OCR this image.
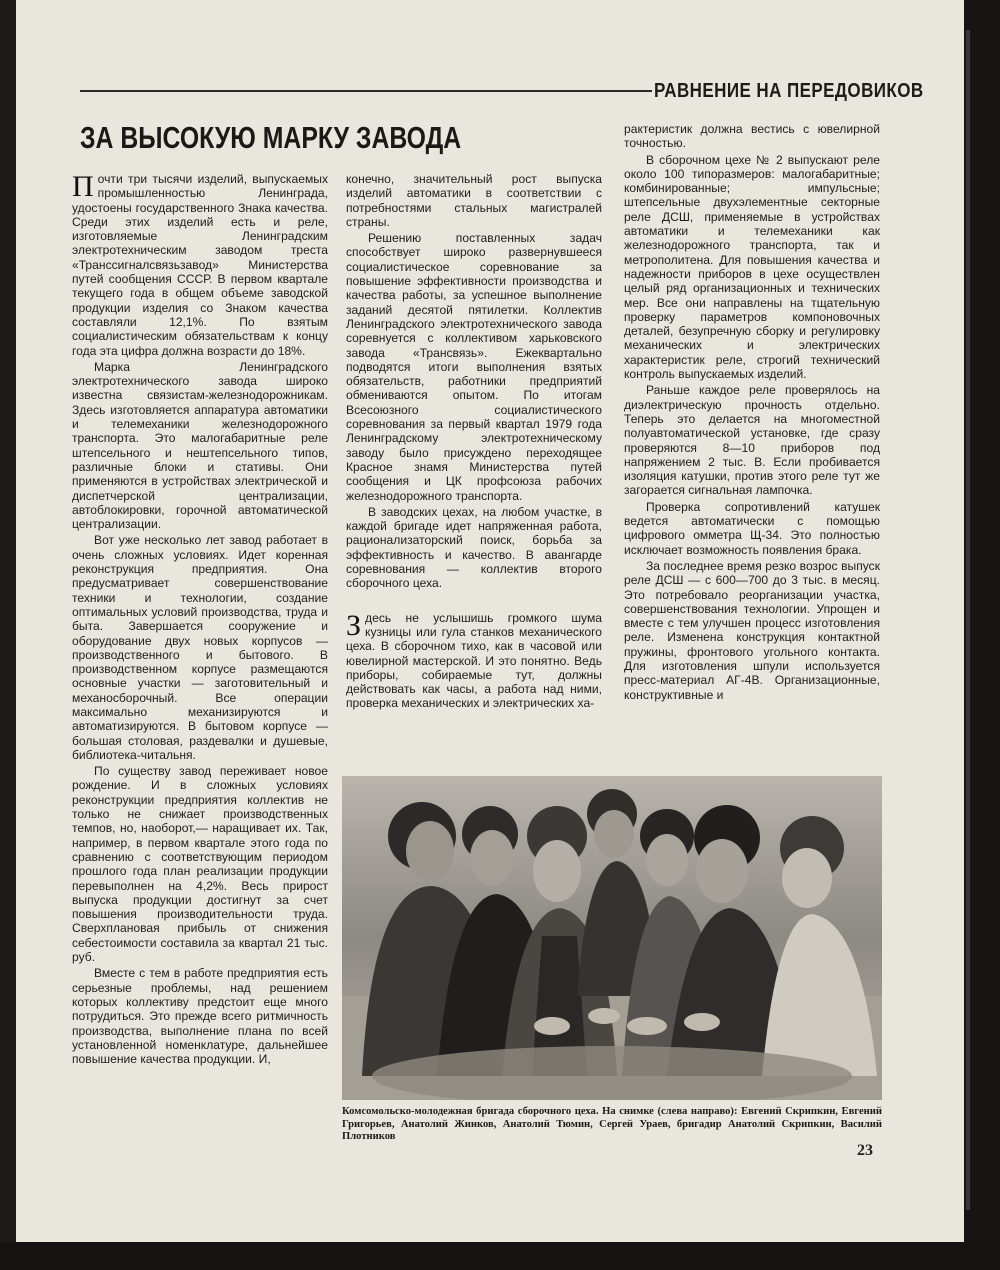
РАВНЕНИЕ НА ПЕРЕДОВИКОВ
ЗА ВЫСОКУЮ МАРКУ ЗАВОДА

Почти три тысячи изделий, выпускаемых промышленностью Ленинграда, удостоены государственного Знака качества. Среди этих изделий есть и реле, изготовляемые Ленинградским электротехническим заводом треста «Транссигналсвязьзавод» Министерства путей сообщения СССР. В первом квартале текущего года в общем объеме заводской продукции изделия со Знаком качества составляли 12,1%. По взятым социалистическим обязательствам к концу года эта цифра должна возрасти до 18%.

Марка Ленинградского электротехнического завода широко известна связистам-железнодорожникам. Здесь изготовляется аппаратура автоматики и телемеханики железнодорожного транспорта. Это малогабаритные реле штепсельного и нештепсельного типов, различные блоки и стативы. Они применяются в устройствах электрической и диспетчерской централизации, автоблокировки, горочной автоматической централизации.

Вот уже несколько лет завод работает в очень сложных условиях. Идет коренная реконструкция предприятия. Она предусматривает совершенствование техники и технологии, создание оптимальных условий производства, труда и быта. Завершается сооружение и оборудование двух новых корпусов — производственного и бытового. В производственном корпусе размещаются основные участки — заготовительный и механосборочный. Все операции максимально механизируются и автоматизируются. В бытовом корпусе — большая столовая, раздевалки и душевые, библиотека-читальня.

По существу завод переживает новое рождение. И в сложных условиях реконструкции предприятия коллектив не только не снижает производственных темпов, но, наоборот,— наращивает их. Так, например, в первом квартале этого года по сравнению с соответствующим периодом прошлого года план реализации продукции перевыполнен на 4,2%. Весь прирост выпуска продукции достигнут за счет повышения производительности труда. Сверхплановая прибыль от снижения себестоимости составила за квартал 21 тыс. руб.

Вместе с тем в работе предприятия есть серьезные проблемы, над решением которых коллективу предстоит еще много потрудиться. Это прежде всего ритмичность производства, выполнение плана по всей установленной номенклатуре, дальнейшее повышение качества продукции. И,

конечно, значительный рост выпуска изделий автоматики в соответствии с потребностями стальных магистралей страны.

Решению поставленных задач способствует широко развернувшееся социалистическое соревнование за повышение эффективности производства и качества работы, за успешное выполнение заданий десятой пятилетки. Коллектив Ленинградского электротехнического завода соревнуется с коллективом харьковского завода «Трансвязь». Ежеквартально подводятся итоги выполнения взятых обязательств, работники предприятий обмениваются опытом. По итогам Всесоюзного социалистического соревнования за первый квартал 1979 года Ленинградскому электротехническому заводу было присуждено переходящее Красное знамя Министерства путей сообщения и ЦК профсоюза рабочих железнодорожного транспорта.

В заводских цехах, на любом участке, в каждой бригаде идет напряженная работа, рационализаторский поиск, борьба за эффективность и качество. В авангарде соревнования — коллектив второго сборочного цеха.

Здесь не услышишь громкого шума кузницы или гула станков механического цеха. В сборочном тихо, как в часовой или ювелирной мастерской. И это понятно. Ведь приборы, собираемые тут, должны действовать как часы, а работа над ними, проверка механических и электрических ха-

рактеристик должна вестись с ювелирной точностью.

В сборочном цехе № 2 выпускают реле около 100 типоразмеров: малогабаритные; комбинированные; импульсные; штепсельные двухэлементные секторные реле ДСШ, применяемые в устройствах автоматики и телемеханики как железнодорожного транспорта, так и метрополитена. Для повышения качества и надежности приборов в цехе осуществлен целый ряд организационных и технических мер. Все они направлены на тщательную проверку параметров компоновочных деталей, безупречную сборку и регулировку механических и электрических характеристик реле, строгий технический контроль выпускаемых изделий.

Раньше каждое реле проверялось на диэлектрическую прочность отдельно. Теперь это делается на многоместной полуавтоматической установке, где сразу проверяются 8—10 приборов под напряжением 2 тыс. В. Если пробивается изоляция катушки, против этого реле тут же загорается сигнальная лампочка.

Проверка сопротивлений катушек ведется автоматически с помощью цифрового омметра Щ-34. Это полностью исключает возможность появления брака.

За последнее время резко возрос выпуск реле ДСШ — с 600—700 до 3 тыс. в месяц. Это потребовало реорганизации участка, совершенствования технологии. Упрощен и вместе с тем улучшен процесс изготовления реле. Изменена конструкция контактной пружины, фронтового угольного контакта. Для изготовления шпули используется пресс-материал АГ-4В. Организационные, конструктивные и

Комсомольско-молодежная бригада сборочного цеха. На снимке (слева направо): Евгений Скрипкин, Евгений Григорьев, Анатолий Жинков, Анатолий Тюмин, Сергей Ураев, бригадир Анатолий Скрипкин, Василий Плотников
23
